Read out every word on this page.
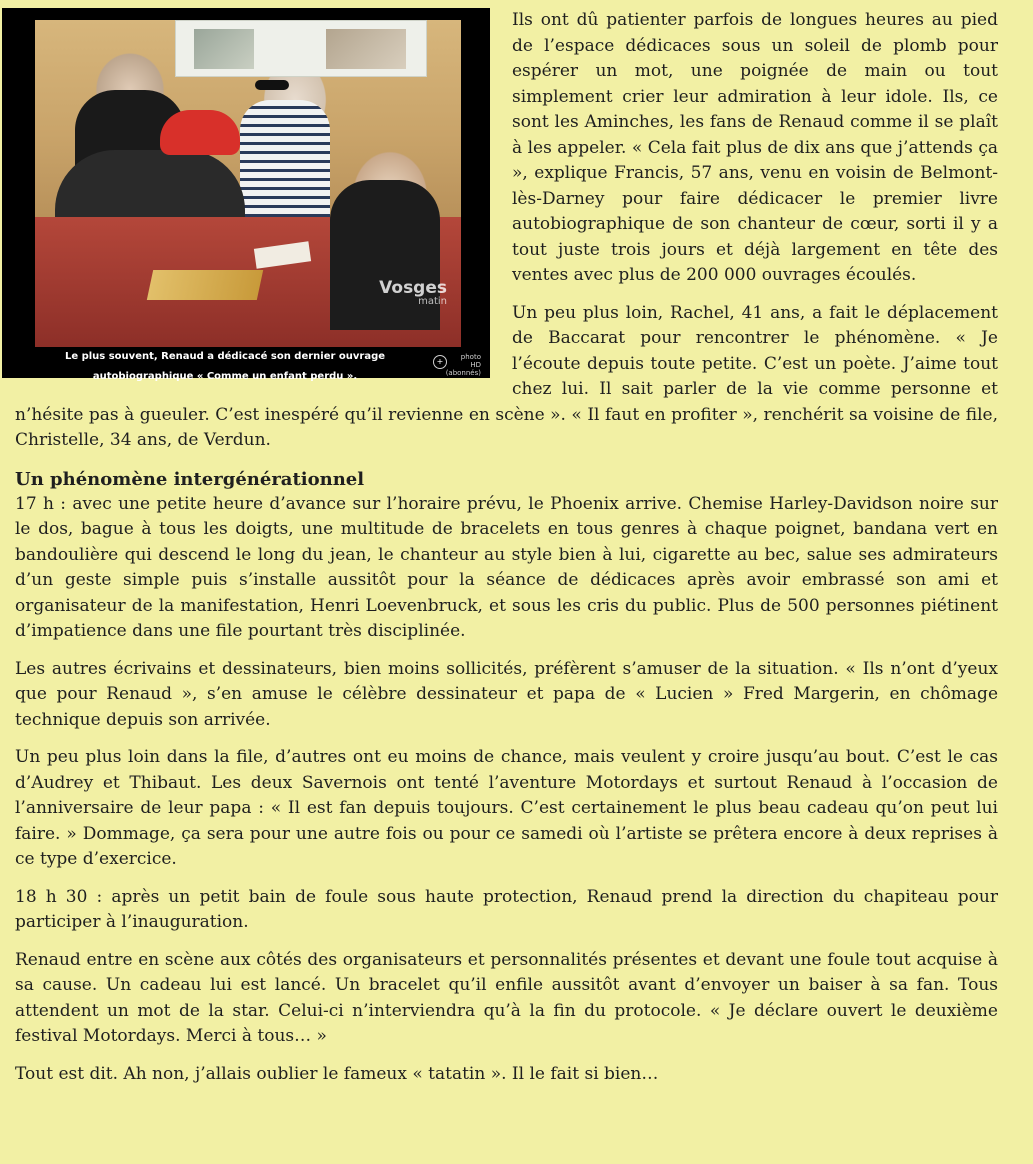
Vosges
matin
Le plus souvent, Renaud a dédicacé son dernier ouvrage autobiographique « Comme un enfant perdu ».
+	photo
HD
(abonnés)

Ils ont dû patienter parfois de longues heures au pied de l’espace dédicaces sous un soleil de plomb pour espérer un mot, une poignée de main ou tout simplement crier leur admiration à leur idole. Ils, ce sont les Aminches, les fans de Renaud comme il se plaît à les appeler. « Cela fait plus de dix ans que j’attends ça », explique Francis, 57 ans, venu en voisin de Belmont-lès-Darney pour faire dédicacer le premier livre autobiographique de son chanteur de cœur, sorti il y a tout juste trois jours et déjà largement en tête des ventes avec plus de 200 000 ouvrages écoulés.

Un peu plus loin, Rachel, 41 ans, a fait le déplacement de Baccarat pour rencontrer le phénomène. « Je l’écoute depuis toute petite. C’est un poète. J’aime tout chez lui. Il sait parler de la vie comme personne et n’hésite pas à gueuler. C’est inespéré qu’il revienne en scène ». « Il faut en profiter », renchérit sa voisine de file, Christelle, 34 ans, de Verdun.

Un phénomène intergénérationnel

17 h : avec une petite heure d’avance sur l’horaire prévu, le Phoenix arrive. Chemise Harley-Davidson noire sur le dos, bague à tous les doigts, une multitude de bracelets en tous genres à chaque poignet, bandana vert en bandoulière qui descend le long du jean, le chanteur au style bien à lui, cigarette au bec, salue ses admirateurs d’un geste simple puis s’installe aussitôt pour la séance de dédicaces après avoir embrassé son ami et organisateur de la manifestation, Henri Loevenbruck, et sous les cris du public. Plus de 500 personnes piétinent d’impatience dans une file pourtant très disciplinée.

Les autres écrivains et dessinateurs, bien moins sollicités, préfèrent s’amuser de la situation. « Ils n’ont d’yeux que pour Renaud », s’en amuse le célèbre dessinateur et papa de « Lucien » Fred Margerin, en chômage technique depuis son arrivée.

Un peu plus loin dans la file, d’autres ont eu moins de chance, mais veulent y croire jusqu’au bout. C’est le cas d’Audrey et Thibaut. Les deux Savernois ont tenté l’aventure Motordays et surtout Renaud à l’occasion de l’anniversaire de leur papa : « Il est fan depuis toujours. C’est certainement le plus beau cadeau qu’on peut lui faire. » Dommage, ça sera pour une autre fois ou pour ce samedi où l’artiste se prêtera encore à deux reprises à ce type d’exercice.

18 h 30 : après un petit bain de foule sous haute protection, Renaud prend la direction du chapiteau pour participer à l’inauguration.

Renaud entre en scène aux côtés des organisateurs et personnalités présentes et devant une foule tout acquise à sa cause. Un cadeau lui est lancé. Un bracelet qu’il enfile aussitôt avant d’envoyer un baiser à sa fan. Tous attendent un mot de la star. Celui-ci n’interviendra qu’à la fin du protocole. « Je déclare ouvert le deuxième festival Motordays. Merci à tous… »

Tout est dit. Ah non, j’allais oublier le fameux « tatatin ». Il le fait si bien…
